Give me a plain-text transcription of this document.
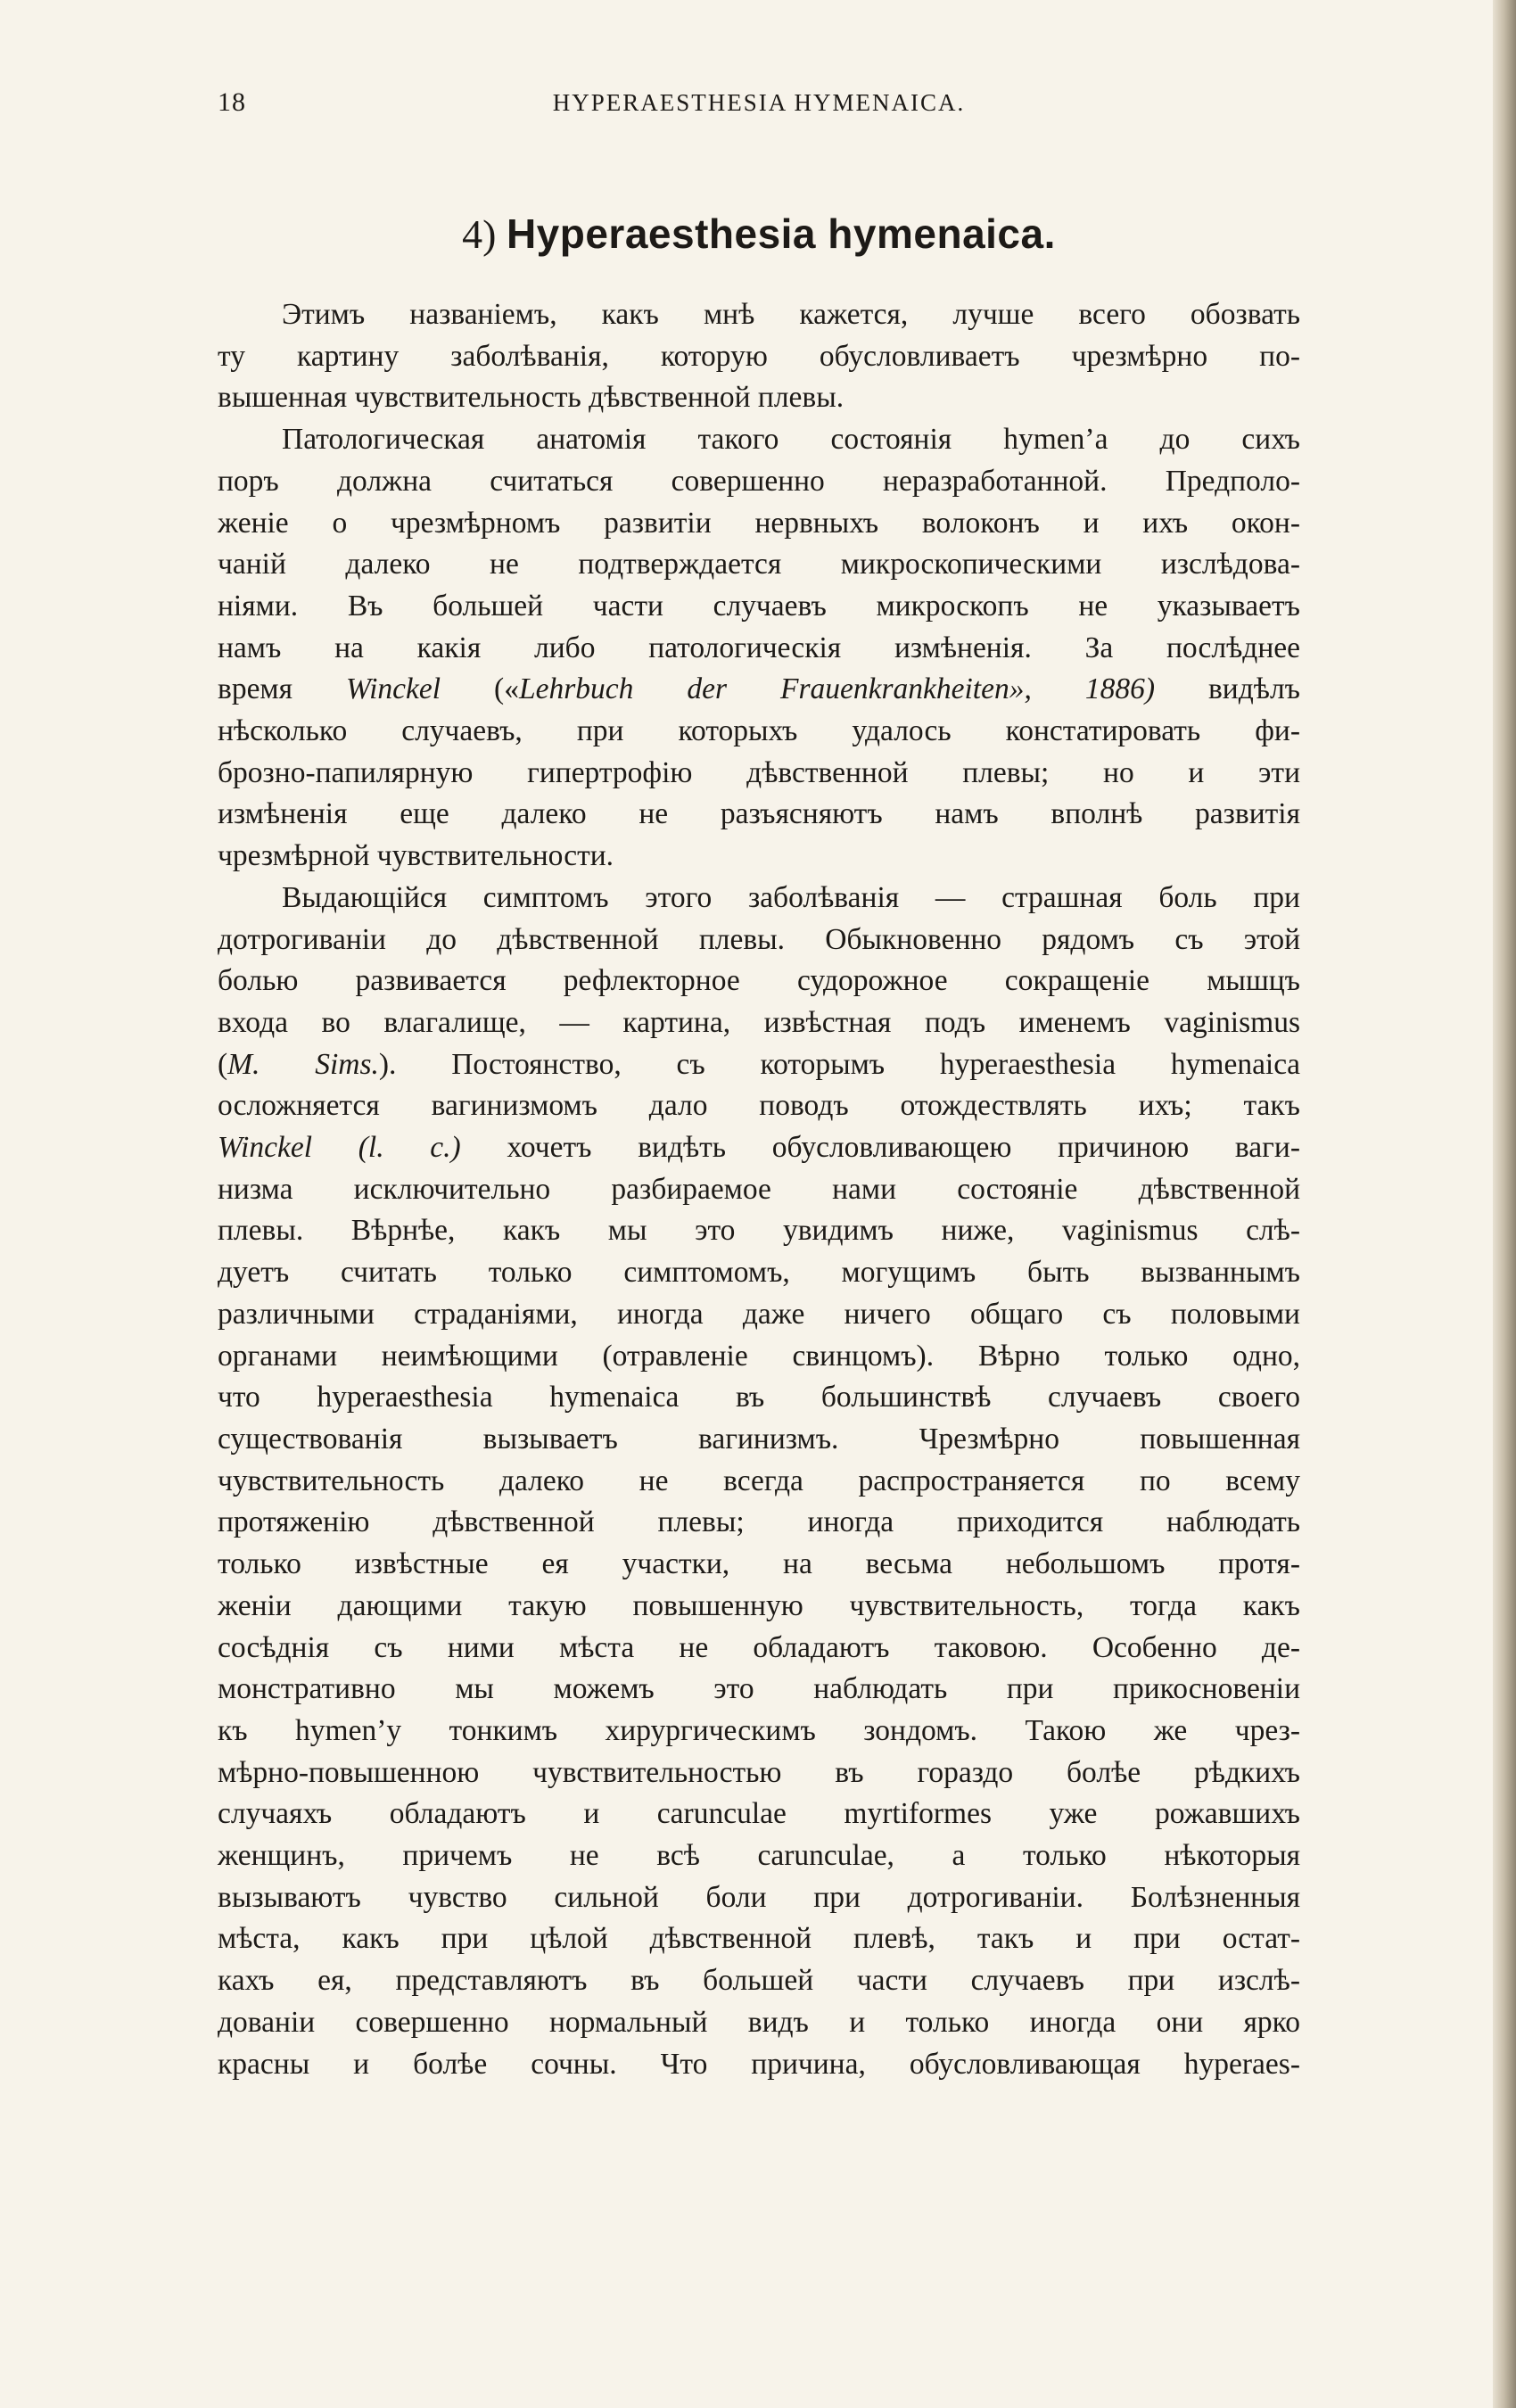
18	HYPERAESTHESIA HYMENAICA.
4) Hyperaesthesia hymenaica.
Этимъ названіемъ, какъ мнѣ кажется, лучше всего обозвать
ту картину заболѣванія, которую обусловливаетъ чрезмѣрно по-
вышенная чувствительность дѣвственной плевы.
Патологическая анатомія такого состоянія hymen’а до сихъ
поръ должна считаться совершенно неразработанной. Предполо-
женіе о чрезмѣрномъ развитіи нервныхъ волоконъ и ихъ окон-
чаній далеко не подтверждается микроскопическими изслѣдова-
ніями. Въ большей части случаевъ микроскопъ не указываетъ
намъ на какія либо патологическія измѣненія. За послѣднее
время Winckel («Lehrbuch der Frauenkrankheiten», 1886) видѣлъ
нѣсколько случаевъ, при которыхъ удалось констатировать фи-
брозно-папилярную гипертрофію дѣвственной плевы; но и эти
измѣненія еще далеко не разъясняютъ намъ вполнѣ развитія
чрезмѣрной чувствительности.
Выдающійся симптомъ этого заболѣванія — страшная боль при
дотрогиваніи до дѣвственной плевы. Обыкновенно рядомъ съ этой
болью развивается рефлекторное судорожное сокращеніе мышцъ
входа во влагалище, — картина, извѣстная подъ именемъ vaginismus
(M. Sims.). Постоянство, съ которымъ hyperaesthesia hymenaica
осложняется вагинизмомъ дало поводъ отождествлять ихъ; такъ
Winckel (l. c.) хочетъ видѣть обусловливающею причиною ваги-
низма исключительно разбираемое нами состояніе дѣвственной
плевы. Вѣрнѣе, какъ мы это увидимъ ниже, vaginismus слѣ-
дуетъ считать только симптомомъ, могущимъ быть вызваннымъ
различными страданіями, иногда даже ничего общаго съ половыми
органами неимѣющими (отравленіе свинцомъ). Вѣрно только одно,
что hyperaesthesia hymenaica въ большинствѣ случаевъ своего
существованія вызываетъ вагинизмъ. Чрезмѣрно повышенная
чувствительность далеко не всегда распространяется по всему
протяженію дѣвственной плевы; иногда приходится наблюдать
только извѣстные ея участки, на весьма небольшомъ протя-
женіи дающими такую повышенную чувствительность, тогда какъ
сосѣднія съ ними мѣста не обладаютъ таковою. Особенно де-
монстративно мы можемъ это наблюдать при прикосновеніи
къ hymen’у тонкимъ хирургическимъ зондомъ. Такою же чрез-
мѣрно-повышенною чувствительностью въ гораздо болѣе рѣдкихъ
случаяхъ обладаютъ и carunculae myrtiformes уже рожавшихъ
женщинъ, причемъ не всѣ carunculae, а только нѣкоторыя
вызываютъ чувство сильной боли при дотрогиваніи. Болѣзненныя
мѣста, какъ при цѣлой дѣвственной плевѣ, такъ и при остат-
кахъ ея, представляютъ въ большей части случаевъ при изслѣ-
дованіи совершенно нормальный видъ и только иногда они ярко
красны и болѣе сочны. Что причина, обусловливающая hyperaes-
